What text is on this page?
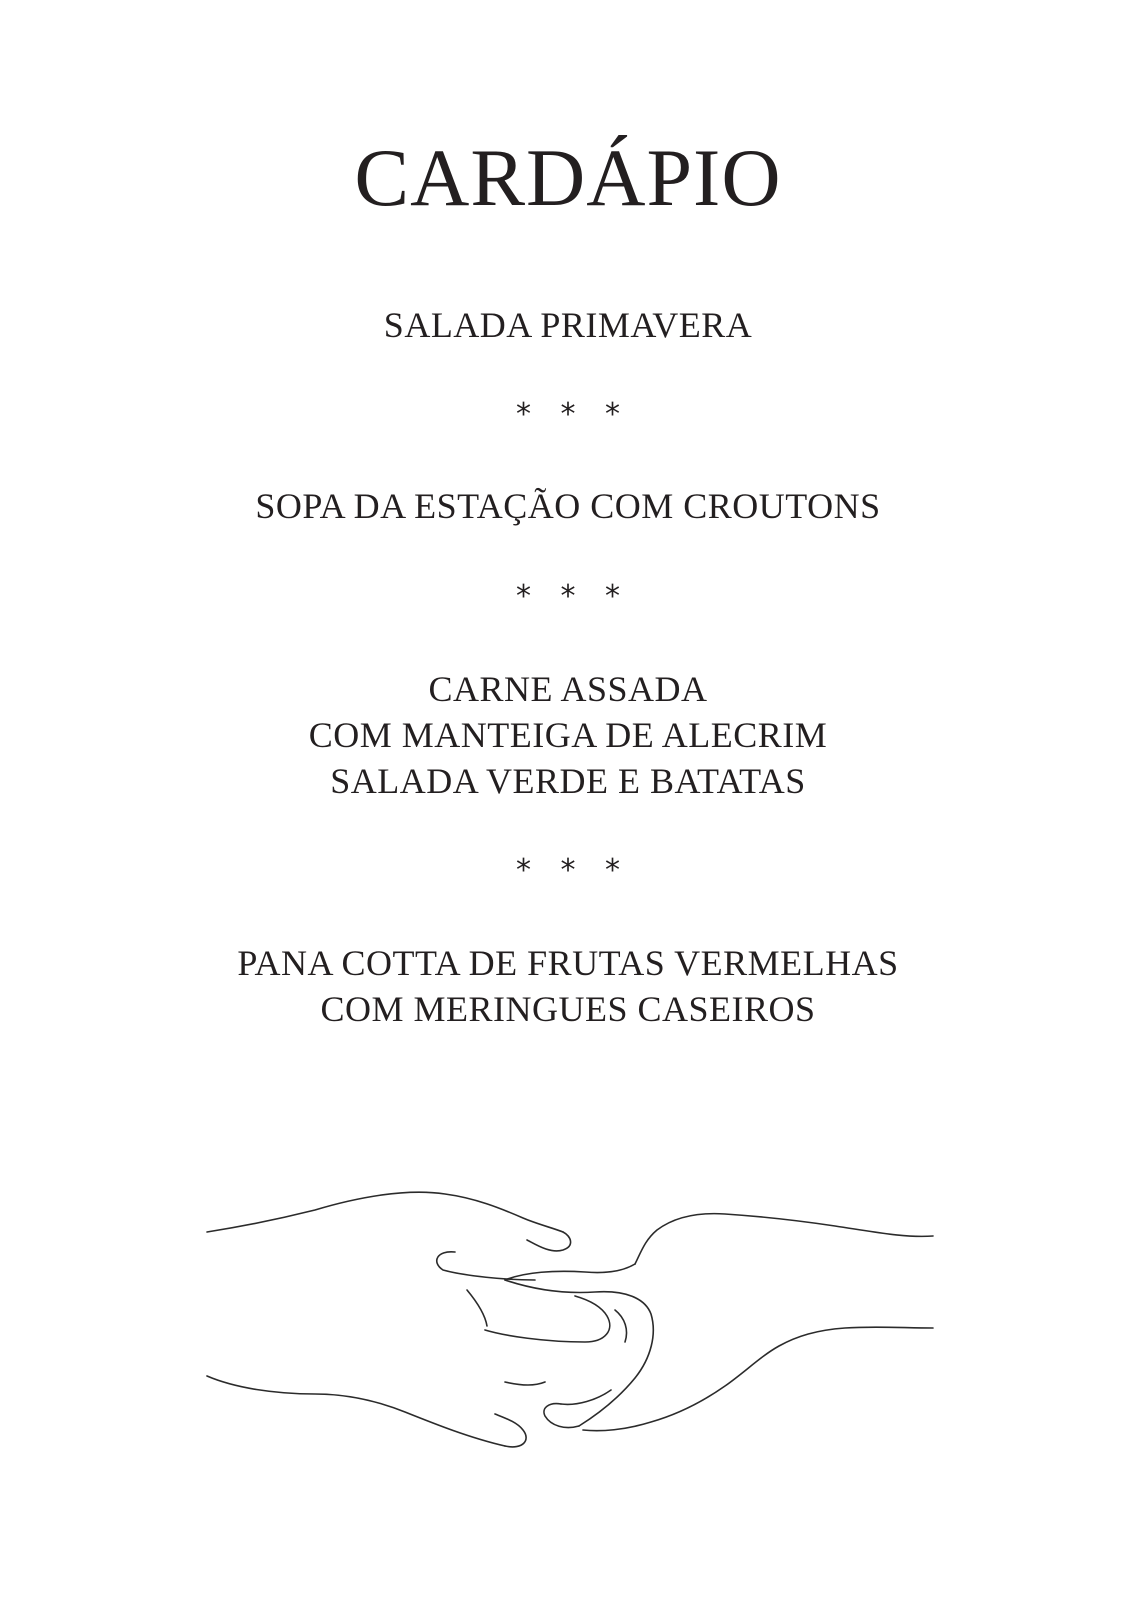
CARDÁPIO
SALADA PRIMAVERA
* * *
SOPA DA ESTAÇÃO COM CROUTONS
* * *
CARNE ASSADA
COM MANTEIGA DE ALECRIM
SALADA VERDE E BATATAS
* * *
PANA COTTA DE FRUTAS VERMELHAS
COM MERINGUES CASEIROS
